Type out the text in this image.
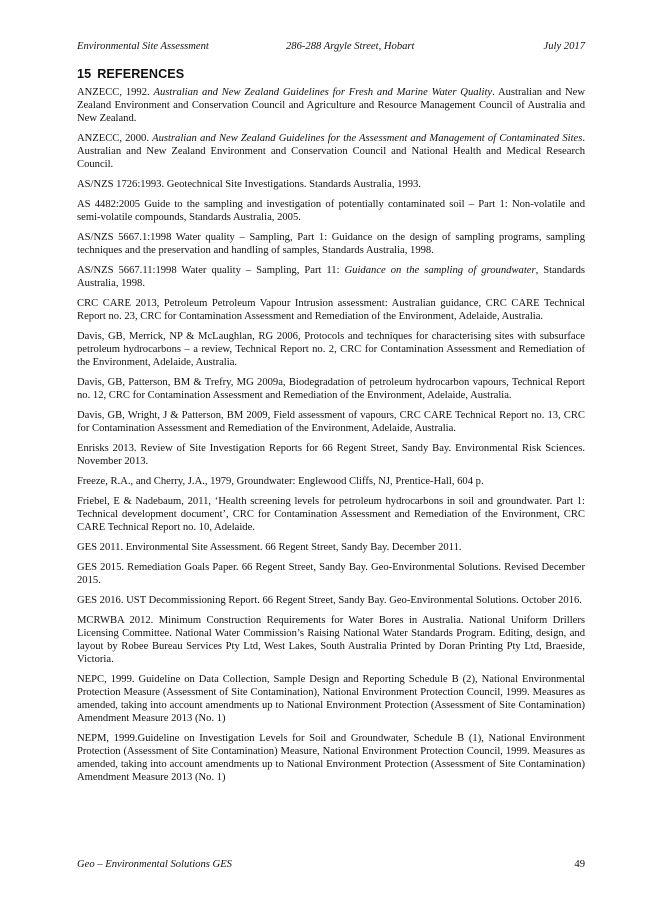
Environmental Site Assessment	286-288 Argyle Street, Hobart	July 2017
15 REFERENCES

ANZECC, 1992. Australian and New Zealand Guidelines for Fresh and Marine Water Quality. Australian and New Zealand Environment and Conservation Council and Agriculture and Resource Management Council of Australia and New Zealand.

ANZECC, 2000. Australian and New Zealand Guidelines for the Assessment and Management of Contaminated Sites. Australian and New Zealand Environment and Conservation Council and National Health and Medical Research Council.

AS/NZS 1726:1993. Geotechnical Site Investigations. Standards Australia, 1993.

AS 4482:2005 Guide to the sampling and investigation of potentially contaminated soil – Part 1: Non-volatile and semi-volatile compounds, Standards Australia, 2005.

AS/NZS 5667.1:1998 Water quality – Sampling, Part 1: Guidance on the design of sampling programs, sampling techniques and the preservation and handling of samples, Standards Australia, 1998.

AS/NZS 5667.11:1998 Water quality – Sampling, Part 11: Guidance on the sampling of groundwater, Standards Australia, 1998.

CRC CARE 2013, Petroleum Petroleum Vapour Intrusion assessment: Australian guidance, CRC CARE Technical Report no. 23, CRC for Contamination Assessment and Remediation of the Environment, Adelaide, Australia.

Davis, GB, Merrick, NP & McLaughlan, RG 2006, Protocols and techniques for characterising sites with subsurface petroleum hydrocarbons – a review, Technical Report no. 2, CRC for Contamination Assessment and Remediation of the Environment, Adelaide, Australia.

Davis, GB, Patterson, BM & Trefry, MG 2009a, Biodegradation of petroleum hydrocarbon vapours, Technical Report no. 12, CRC for Contamination Assessment and Remediation of the Environment, Adelaide, Australia.

Davis, GB, Wright, J & Patterson, BM 2009, Field assessment of vapours, CRC CARE Technical Report no. 13, CRC for Contamination Assessment and Remediation of the Environment, Adelaide, Australia.

Enrisks 2013. Review of Site Investigation Reports for 66 Regent Street, Sandy Bay. Environmental Risk Sciences. November 2013.

Freeze, R.A., and Cherry, J.A., 1979, Groundwater: Englewood Cliffs, NJ, Prentice-Hall, 604 p.

Friebel, E & Nadebaum, 2011, ‘Health screening levels for petroleum hydrocarbons in soil and groundwater. Part 1: Technical development document’, CRC for Contamination Assessment and Remediation of the Environment, CRC CARE Technical Report no. 10, Adelaide.

GES 2011. Environmental Site Assessment. 66 Regent Street, Sandy Bay. December 2011.

GES 2015. Remediation Goals Paper. 66 Regent Street, Sandy Bay. Geo-Environmental Solutions. Revised December 2015.

GES 2016. UST Decommissioning Report. 66 Regent Street, Sandy Bay. Geo-Environmental Solutions. October 2016.

MCRWBA 2012. Minimum Construction Requirements for Water Bores in Australia. National Uniform Drillers Licensing Committee. National Water Commission’s Raising National Water Standards Program. Editing, design, and layout by Robee Bureau Services Pty Ltd, West Lakes, South Australia Printed by Doran Printing Pty Ltd, Braeside, Victoria.

NEPC, 1999. Guideline on Data Collection, Sample Design and Reporting Schedule B (2), National Environmental Protection Measure (Assessment of Site Contamination), National Environment Protection Council, 1999. Measures as amended, taking into account amendments up to National Environment Protection (Assessment of Site Contamination) Amendment Measure 2013 (No. 1)

NEPM, 1999.Guideline on Investigation Levels for Soil and Groundwater, Schedule B (1), National Environment Protection (Assessment of Site Contamination) Measure, National Environment Protection Council, 1999. Measures as amended, taking into account amendments up to National Environment Protection (Assessment of Site Contamination) Amendment Measure 2013 (No. 1)

Geo – Environmental Solutions GES	49
